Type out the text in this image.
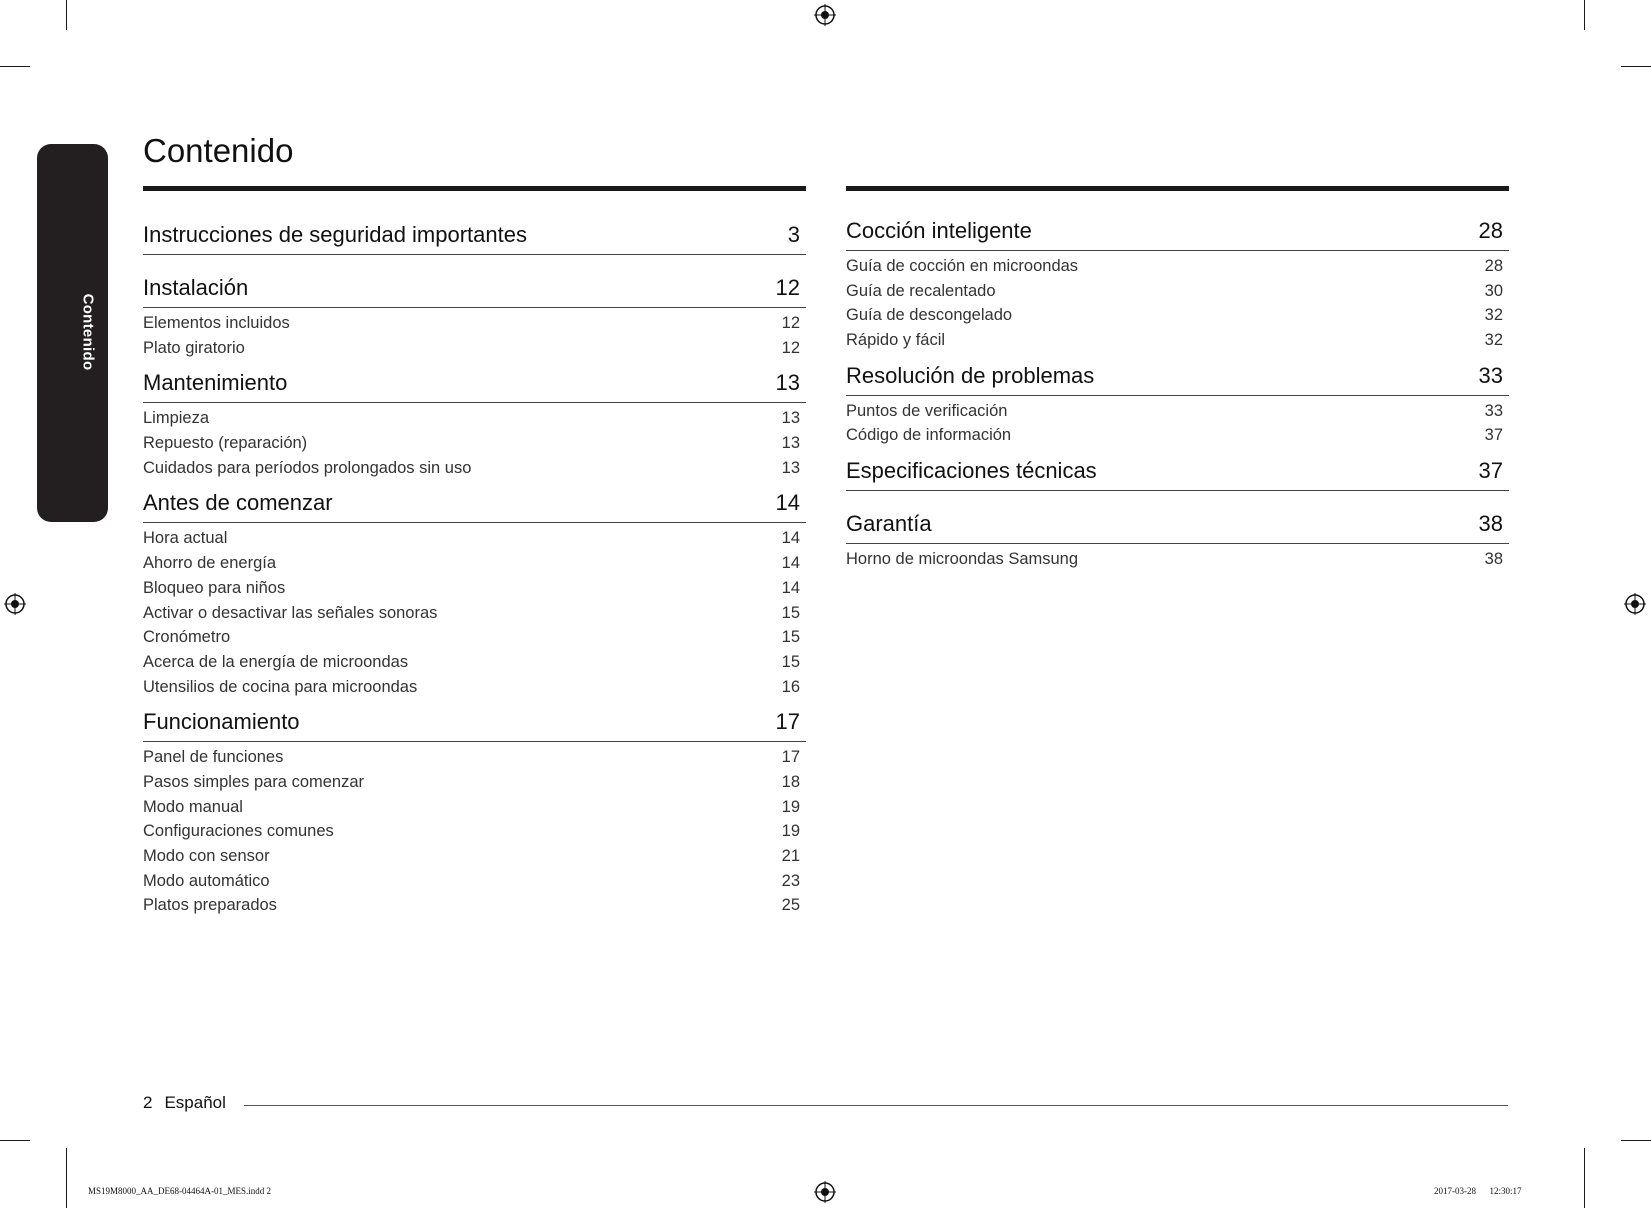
Contenido
Contenido
Instrucciones de seguridad importantes	3
Instalación	12
Elementos incluidos	12
Plato giratorio	12
Mantenimiento	13
Limpieza	13
Repuesto (reparación)	13
Cuidados para períodos prolongados sin uso	13
Antes de comenzar	14
Hora actual	14
Ahorro de energía	14
Bloqueo para niños	14
Activar o desactivar las señales sonoras	15
Cronómetro	15
Acerca de la energía de microondas	15
Utensilios de cocina para microondas	16
Funcionamiento	17
Panel de funciones	17
Pasos simples para comenzar	18
Modo manual	19
Configuraciones comunes	19
Modo con sensor	21
Modo automático	23
Platos preparados	25
Cocción inteligente	28
Guía de cocción en microondas	28
Guía de recalentado	30
Guía de descongelado	32
Rápido y fácil	32
Resolución de problemas	33
Puntos de verificación	33
Código de información	37
Especificaciones técnicas	37
Garantía	38
Horno de microondas Samsung	38
2 Español
MS19M8000_AA_DE68-04464A-01_MES.indd 2	2017-03-28   12:30:17
